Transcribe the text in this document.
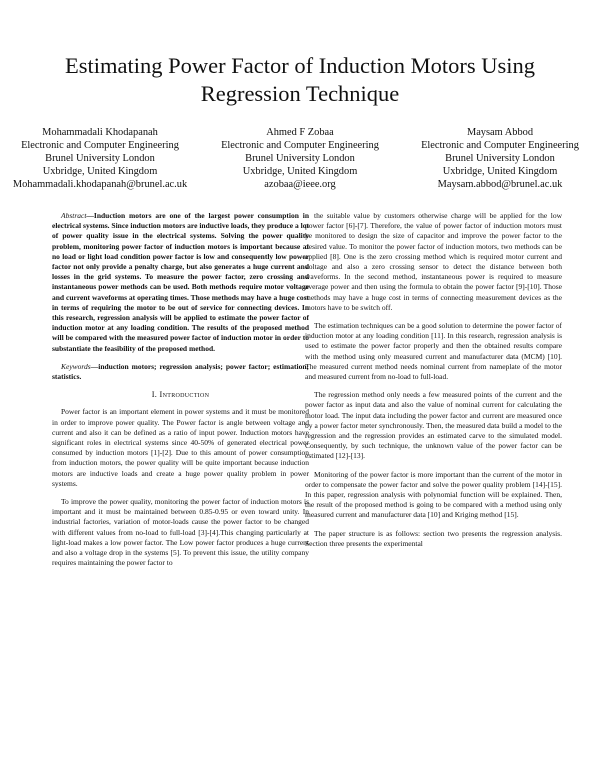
Estimating Power Factor of Induction Motors Using Regression Technique
Mohammadali Khodapanah
Electronic and Computer Engineering
Brunel University London
Uxbridge, United Kingdom
Mohammadali.khodapanah@brunel.ac.uk
Ahmed F Zobaa
Electronic and Computer Engineering
Brunel University London
Uxbridge, United Kingdom
azobaa@ieee.org
Maysam Abbod
Electronic and Computer Engineering
Brunel University London
Uxbridge, United Kingdom
Maysam.abbod@brunel.ac.uk

Abstract—Induction motors are one of the largest power consumption in electrical systems. Since induction motors are inductive loads, they produce a lot of power quality issue in the electrical systems. Solving the power quality problem, monitoring power factor of induction motors is important because at no load or light load condition power factor is low and consequently low power factor not only provide a penalty charge, but also generates a huge current and losses in the grid systems. To measure the power factor, zero crossing and instantaneous power methods can be used. Both methods require motor voltage and current waveforms at operating times. Those methods may have a huge cost in terms of requiring the motor to be out of service for connecting devices. In this research, regression analysis will be applied to estimate the power factor of induction motor at any loading condition. The results of the proposed method will be compared with the measured power factor of induction motor in order to substantiate the feasibility of the proposed method.

Keywords—induction motors; regression analysis; power factor; estimation; statistics.

I. Introduction

Power factor is an important element in power systems and it must be monitored in order to improve power quality. The Power factor is angle between voltage and current and also it can be defined as a ratio of input power. Induction motors have significant roles in electrical systems since 40-50% of generated electrical power consumed by induction motors [1]-[2]. Due to this amount of power consumption from induction motors, the power quality will be quite important because induction motors are inductive loads and create a huge power quality problem in power systems.

To improve the power quality, monitoring the power factor of induction motors is important and it must be maintained between 0.85-0.95 or even toward unity. In industrial factories, variation of motor-loads cause the power factor to be changed with different values from no-load to full-load [3]-[4].This changing particularly at light-load makes a low power factor. The Low power factor produces a huge current and also a voltage drop in the systems [5]. To prevent this issue, the utility company requires maintaining the power factor to

the suitable value by customers otherwise charge will be applied for the low power factor [6]-[7]. Therefore, the value of power factor of induction motors must be monitored to design the size of capacitor and improve the power factor to the desired value. To monitor the power factor of induction motors, two methods can be applied [8]. One is the zero crossing method which is required motor current and voltage and also a zero crossing sensor to detect the distance between both waveforms. In the second method, instantaneous power is required to measure average power and then using the formula to obtain the power factor [9]-[10]. Those methods may have a huge cost in terms of connecting measurement devices as the motors have to be switch off.

The estimation techniques can be a good solution to determine the power factor of induction motor at any loading condition [11]. In this research, regression analysis is used to estimate the power factor properly and then the obtained results compare with the method using only measured current and manufacturer data (MCM) [10]. The measured current method needs nominal current from nameplate of the motor and measured current from no-load to full-load.

The regression method only needs a few measured points of the current and the power factor as input data and also the value of nominal current for calculating the motor load. The input data including the power factor and current are measured once by a power factor meter synchronously. Then, the measured data build a model to the regression and the regression provides an estimated carve to the simulated model. Consequently, by such technique, the unknown value of the power factor can be estimated [12]-[13].

Monitoring of the power factor is more important than the current of the motor in order to compensate the power factor and solve the power quality problem [14]-[15]. In this paper, regression analysis with polynomial function will be explained. Then, the result of the proposed method is going to be compared with a method using only measured current and manufacturer data [10] and Kriging method [15].

The paper structure is as follows: section two presents the regression analysis. Section three presents the experimental
